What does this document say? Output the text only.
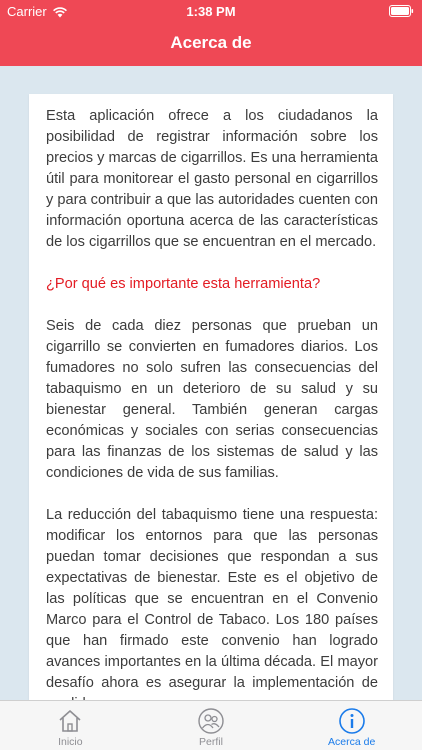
Carrier	1:38 PM
Acerca de

Esta aplicación ofrece a los ciudadanos la posibilidad de registrar información sobre los precios y marcas de cigarrillos. Es una herramienta útil para monitorear el gasto personal en cigarrillos y para contribuir a que las autoridades cuenten con información oportuna acerca de las características de los cigarrillos que se encuentran en el mercado.

¿Por qué es importante esta herramienta?

Seis de cada diez personas que prueban un cigarrillo se convierten en fumadores diarios. Los fumadores no solo sufren las consecuencias del tabaquismo en un deterioro de su salud y su bienestar general. También generan cargas económicas y sociales con serias consecuencias para las finanzas de los sistemas de salud y las condiciones de vida de sus familias.

La reducción del tabaquismo tiene una respuesta: modificar los entornos para que las personas puedan tomar decisiones que respondan a sus expectativas de bienestar. Este es el objetivo de las políticas que se encuentran en el Convenio Marco para el Control de Tabaco. Los 180 países que han firmado este convenio han logrado avances importantes en la última década. El mayor desafío ahora es asegurar la implementación de

Inicio	Perfil	Acerca de
